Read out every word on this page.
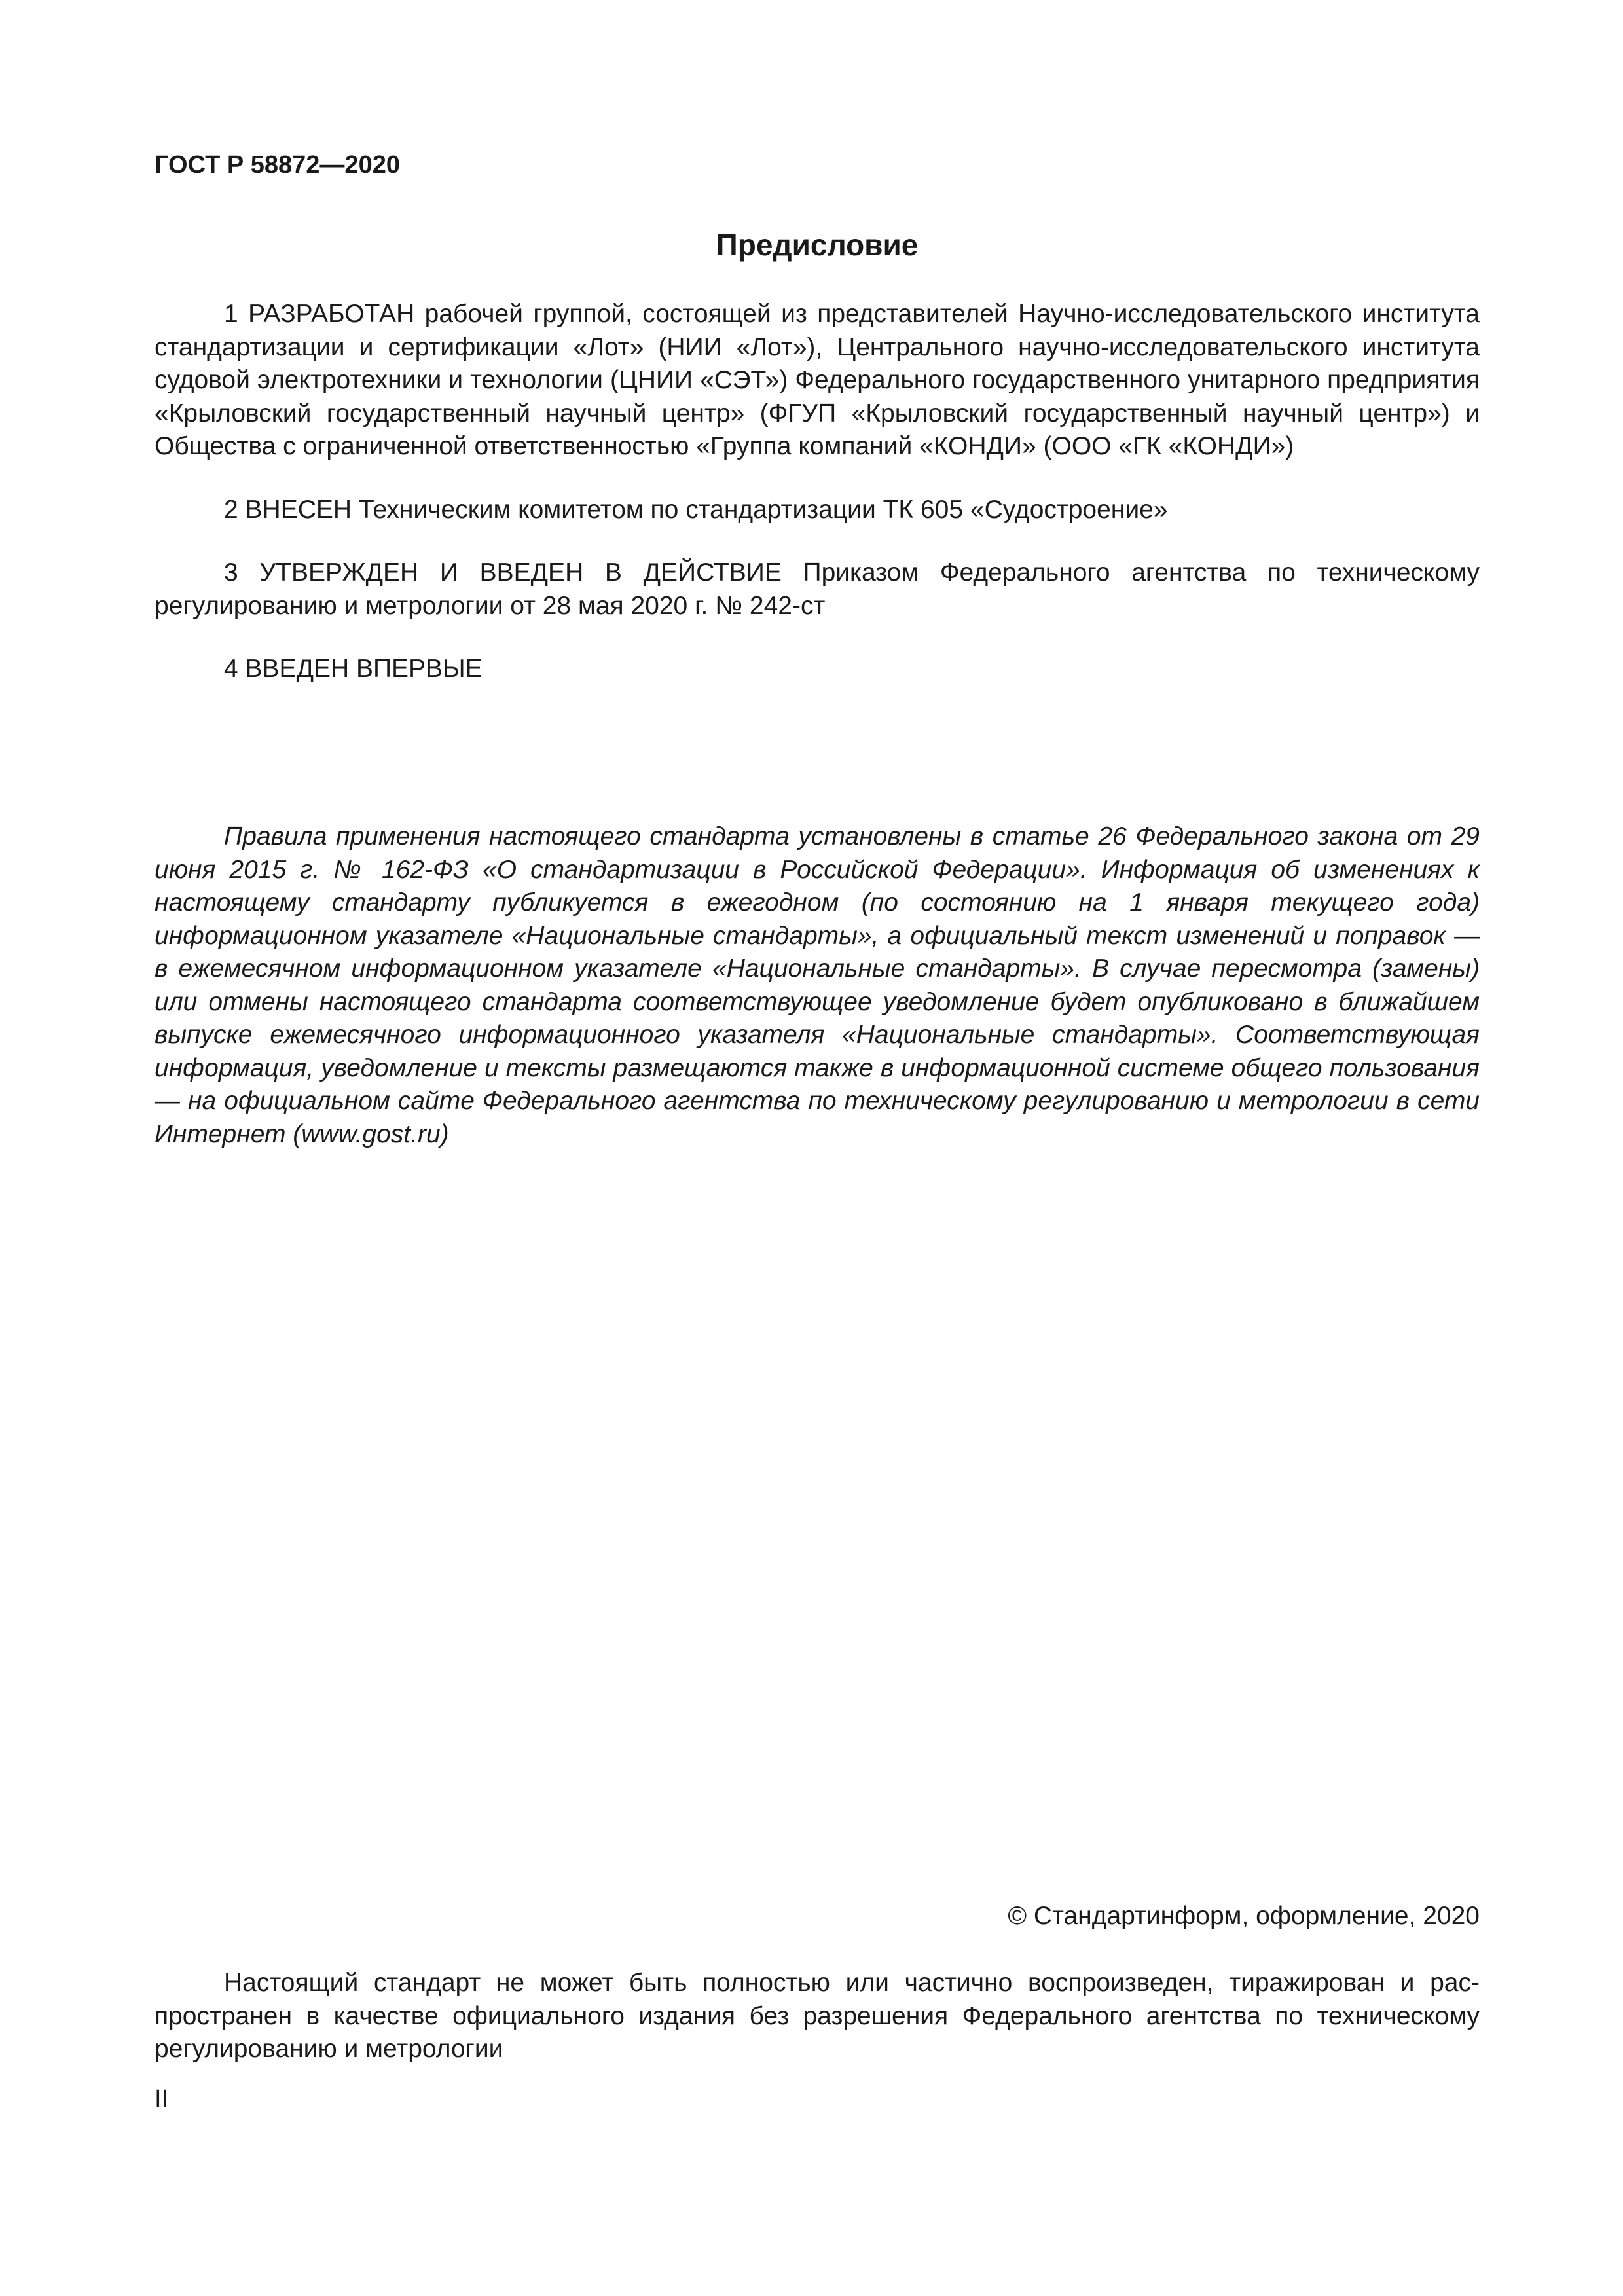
ГОСТ Р 58872—2020
Предисловие

1 РАЗРАБОТАН рабочей группой, состоящей из представителей Научно-исследовательского института стандартизации и сертификации «Лот» (НИИ «Лот»), Центрального научно-исследовательского института судовой электротехники и технологии (ЦНИИ «СЭТ») Федерального государственного унитарного предприятия «Крыловский государственный научный центр» (ФГУП «Крыловский государственный научный центр») и Общества с ограниченной ответственностью «Группа компаний «КОНДИ» (ООО «ГК «КОНДИ»)

2 ВНЕСЕН Техническим комитетом по стандартизации ТК 605 «Судостроение»

3 УТВЕРЖДЕН И ВВЕДЕН В ДЕЙСТВИЕ Приказом Федерального агентства по техническому регулированию и метрологии от 28 мая 2020 г. № 242-ст

4 ВВЕДЕН ВПЕРВЫЕ

Правила применения настоящего стандарта установлены в статье 26 Федерального закона от 29 июня 2015 г. № 162-ФЗ «О стандартизации в Российской Федерации». Информация об изменениях к настоящему стандарту публикуется в ежегодном (по состоянию на 1 января текущего года) информационном указателе «Национальные стандарты», а официальный текст изменений и поправок — в ежемесячном информационном указателе «Национальные стандарты». В случае пересмотра (замены) или отмены настоящего стандарта соответствующее уведомление будет опубликовано в ближайшем выпуске ежемесячного информационного указателя «Национальные стандарты». Соответствующая информация, уведомление и тексты размещаются также в информационной системе общего пользования — на официальном сайте Федерального агентства по техническому регулированию и метрологии в сети Интернет (www.gost.ru)

© Стандартинформ, оформление, 2020

Настоящий стандарт не может быть полностью или частично воспроизведен, тиражирован и распространен в качестве официального издания без разрешения Федерального агентства по техническому регулированию и метрологии

II
